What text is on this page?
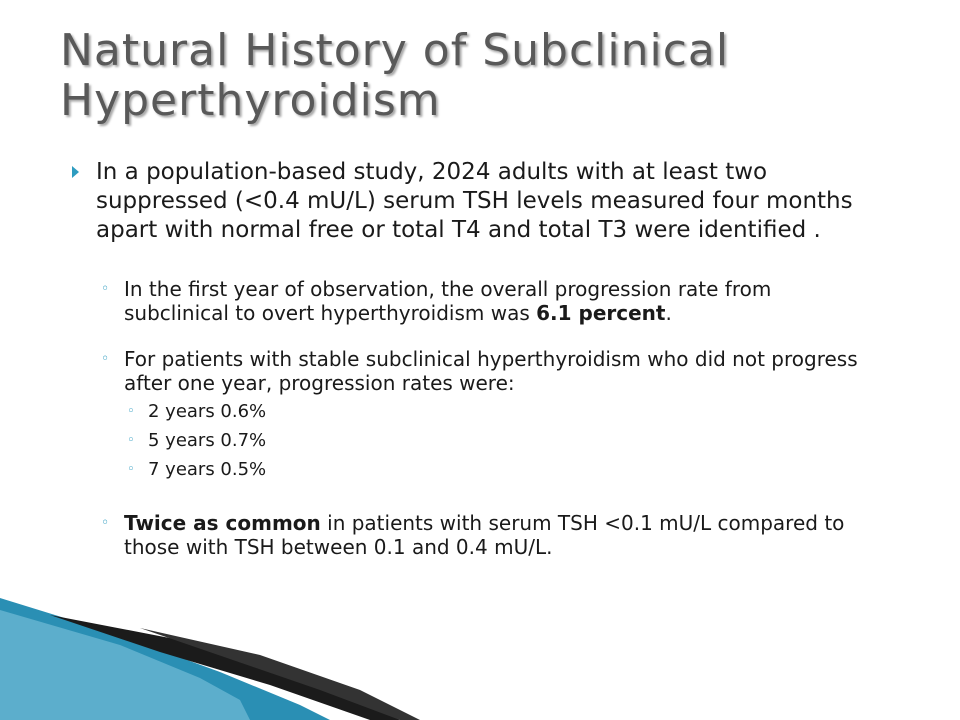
Natural History of Subclinical Hyperthyroidism
In a population-based study, 2024 adults with at least two suppressed (<0.4 mU/L) serum TSH levels measured four months apart with normal free or total T4 and total T3 were identified .
◦ In the first year of observation, the overall progression rate from subclinical to overt hyperthyroidism was 6.1 percent.
◦ For patients with stable subclinical hyperthyroidism who did not progress after one year, progression rates were:
◦ 2 years 0.6%
◦ 5 years 0.7%
◦ 7 years 0.5%
◦ Twice as common in patients with serum TSH <0.1 mU/L compared to those with TSH between 0.1 and 0.4 mU/L.
